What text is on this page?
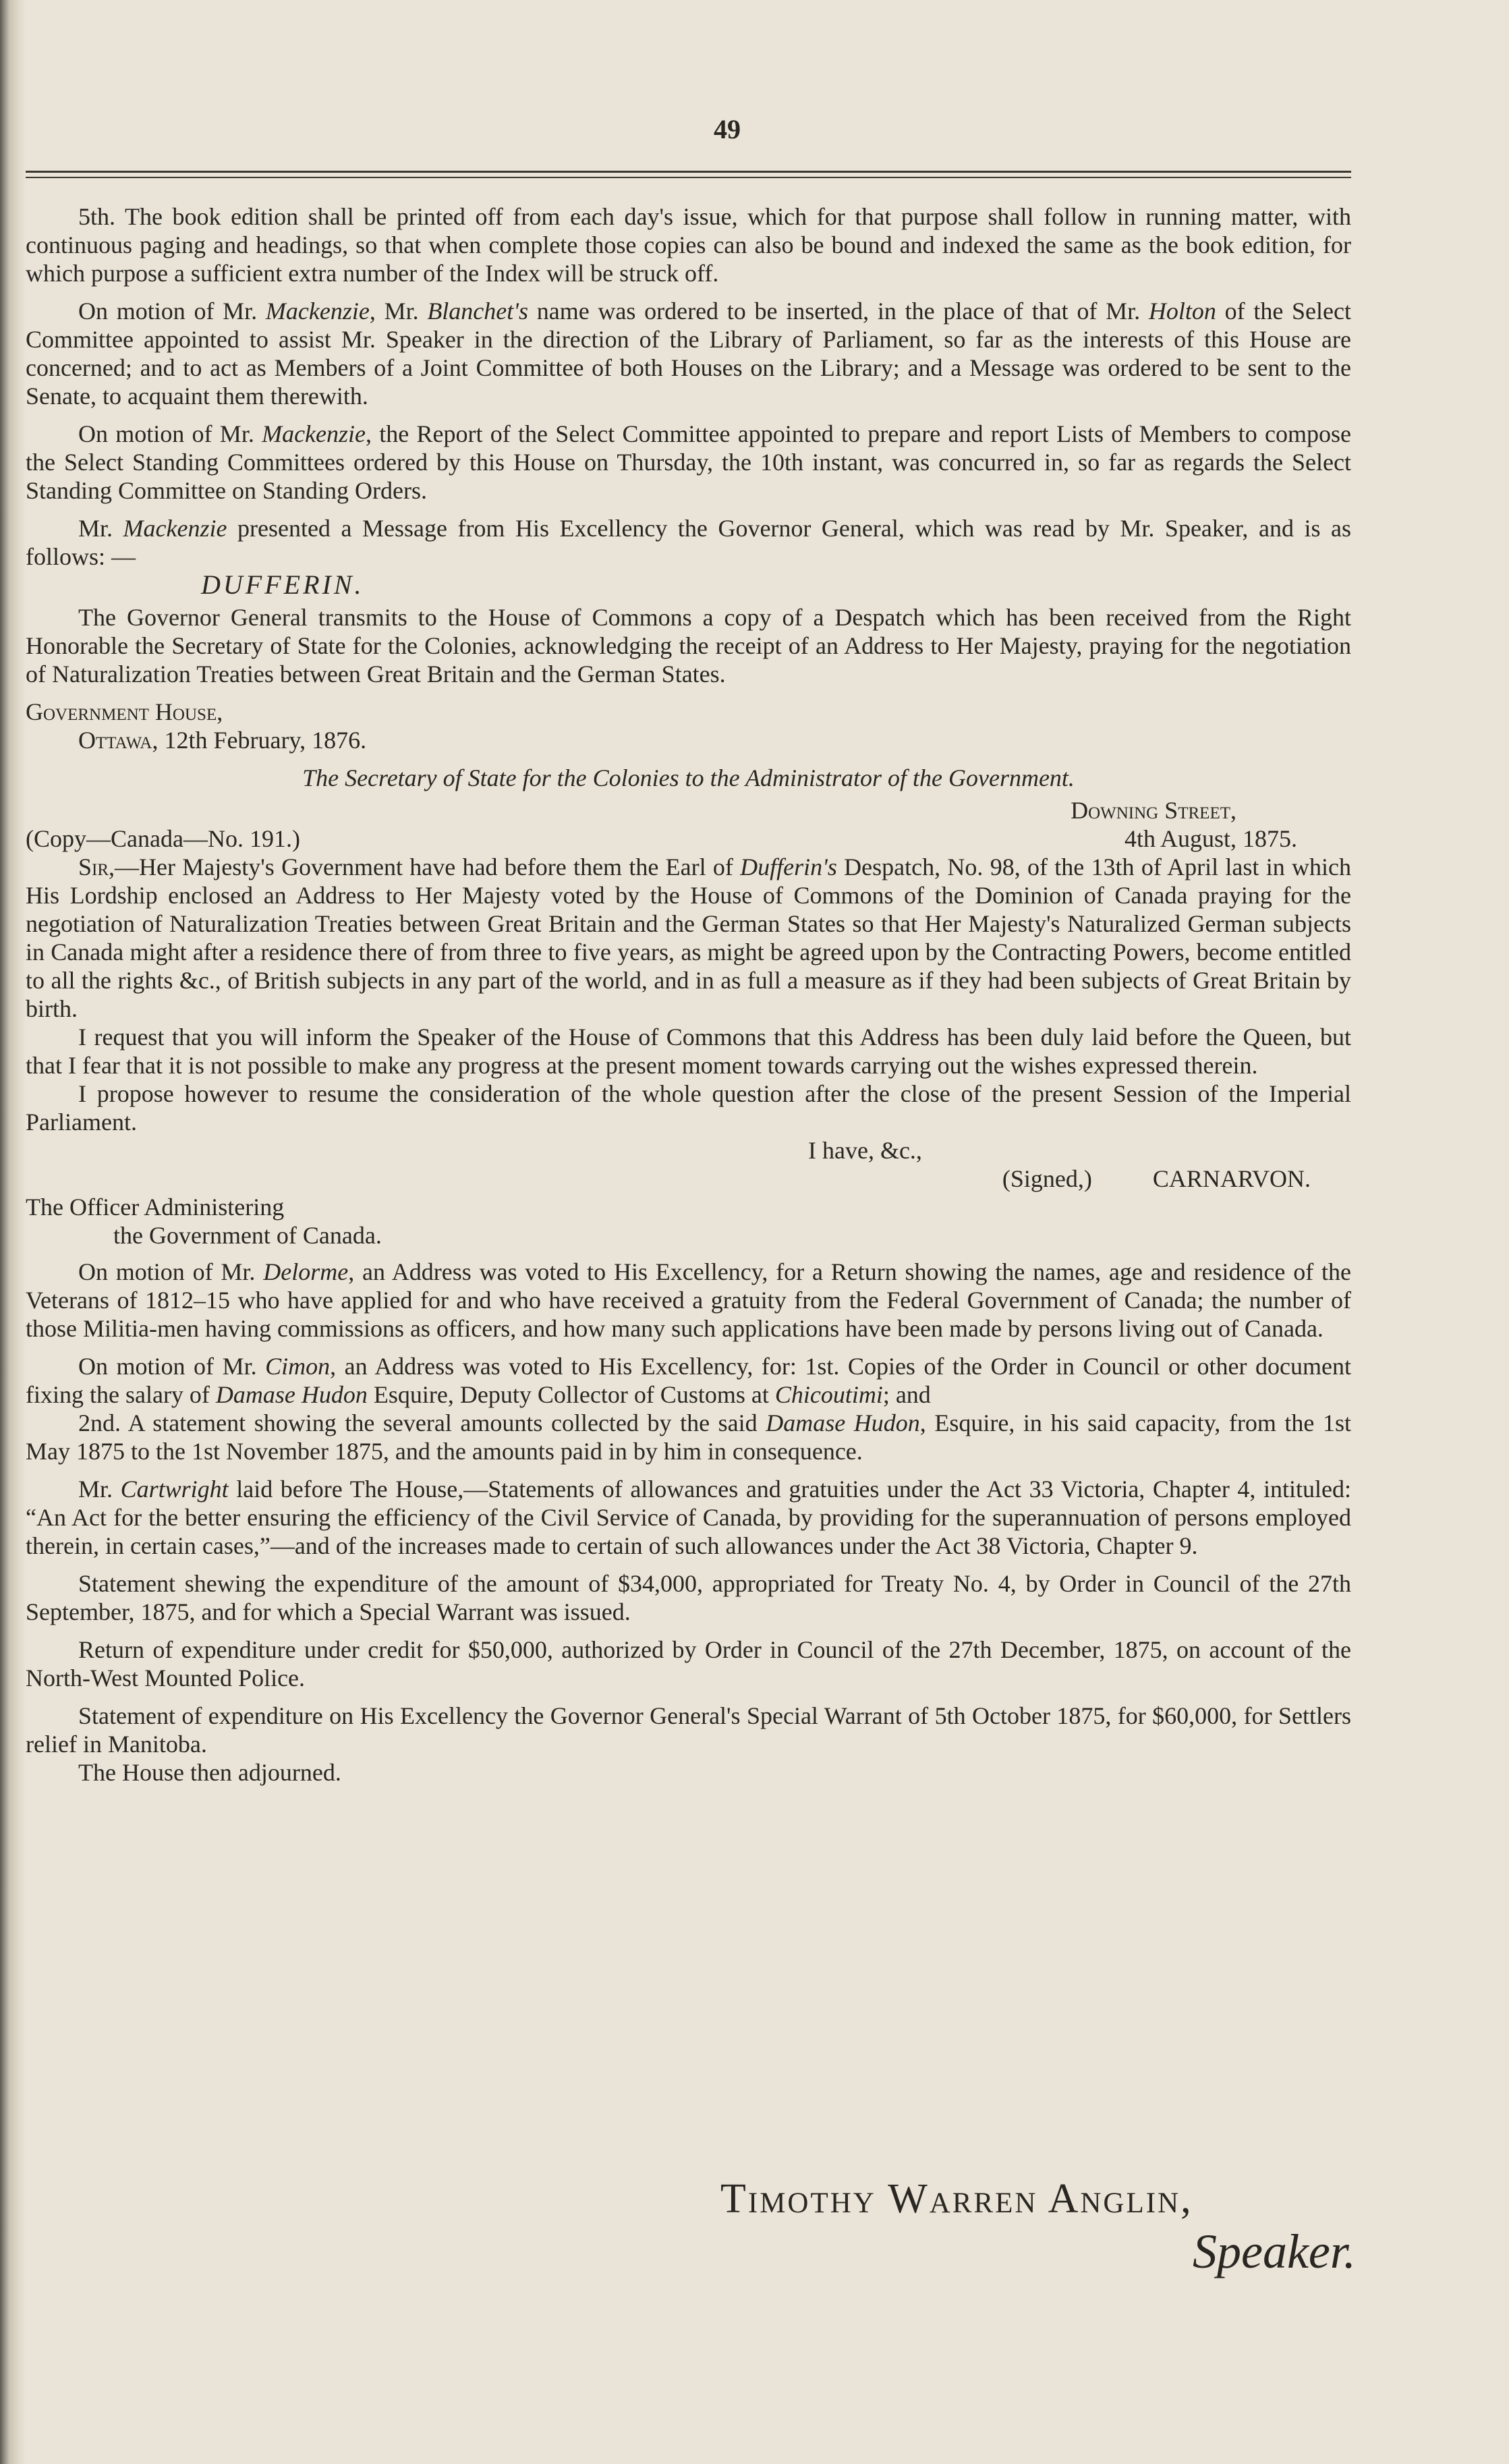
49

5th. The book edition shall be printed off from each day's issue, which for that purpose shall follow in running matter, with continuous paging and headings, so that when complete those copies can also be bound and indexed the same as the book edition, for which purpose a sufficient extra number of the Index will be struck off.

On motion of Mr. Mackenzie, Mr. Blanchet's name was ordered to be inserted, in the place of that of Mr. Holton of the Select Committee appointed to assist Mr. Speaker in the direction of the Library of Parliament, so far as the interests of this House are concerned; and to act as Members of a Joint Committee of both Houses on the Library; and a Message was ordered to be sent to the Senate, to acquaint them therewith.

On motion of Mr. Mackenzie, the Report of the Select Committee appointed to prepare and report Lists of Members to compose the Select Standing Committees ordered by this House on Thursday, the 10th instant, was concurred in, so far as regards the Select Standing Committee on Standing Orders.

Mr. Mackenzie presented a Message from His Excellency the Governor General, which was read by Mr. Speaker, and is as follows: —

DUFFERIN.

The Governor General transmits to the House of Commons a copy of a Despatch which has been received from the Right Honorable the Secretary of State for the Colonies, acknowledging the receipt of an Address to Her Majesty, praying for the negotiation of Naturalization Treaties between Great Britain and the German States.

Government House,

Ottawa, 12th February, 1876.

The Secretary of State for the Colonies to the Administrator of the Government.

Downing Street,

(Copy—Canada—No. 191.)	4th August, 1875.

Sir,—Her Majesty's Government have had before them the Earl of Dufferin's Despatch, No. 98, of the 13th of April last in which His Lordship enclosed an Address to Her Majesty voted by the House of Commons of the Dominion of Canada praying for the negotiation of Naturalization Treaties between Great Britain and the German States so that Her Majesty's Naturalized German subjects in Canada might after a residence there of from three to five years, as might be agreed upon by the Contracting Powers, become entitled to all the rights &c., of British subjects in any part of the world, and in as full a measure as if they had been subjects of Great Britain by birth.

I request that you will inform the Speaker of the House of Commons that this Address has been duly laid before the Queen, but that I fear that it is not possible to make any progress at the present moment towards carrying out the wishes expressed therein.

I propose however to resume the consideration of the whole question after the close of the present Session of the Imperial Parliament.

I have, &c.,

(Signed,)	CARNARVON.

The Officer Administering

the Government of Canada.

On motion of Mr. Delorme, an Address was voted to His Excellency, for a Return showing the names, age and residence of the Veterans of 1812–15 who have applied for and who have received a gratuity from the Federal Government of Canada; the number of those Militia-men having commissions as officers, and how many such applications have been made by persons living out of Canada.

On motion of Mr. Cimon, an Address was voted to His Excellency, for: 1st. Copies of the Order in Council or other document fixing the salary of Damase Hudon Esquire, Deputy Collector of Customs at Chicoutimi; and

2nd. A statement showing the several amounts collected by the said Damase Hudon, Esquire, in his said capacity, from the 1st May 1875 to the 1st November 1875, and the amounts paid in by him in consequence.

Mr. Cartwright laid before The House,—Statements of allowances and gratuities under the Act 33 Victoria, Chapter 4, intituled: “An Act for the better ensuring the efficiency of the Civil Service of Canada, by providing for the superannuation of persons employed therein, in certain cases,”—and of the increases made to certain of such allowances under the Act 38 Victoria, Chapter 9.

Statement shewing the expenditure of the amount of $34,000, appropriated for Treaty No. 4, by Order in Council of the 27th September, 1875, and for which a Special Warrant was issued.

Return of expenditure under credit for $50,000, authorized by Order in Council of the 27th December, 1875, on account of the North-West Mounted Police.

Statement of expenditure on His Excellency the Governor General's Special Warrant of 5th October 1875, for $60,000, for Settlers relief in Manitoba.

The House then adjourned.

Timothy Warren Anglin,
Speaker.
